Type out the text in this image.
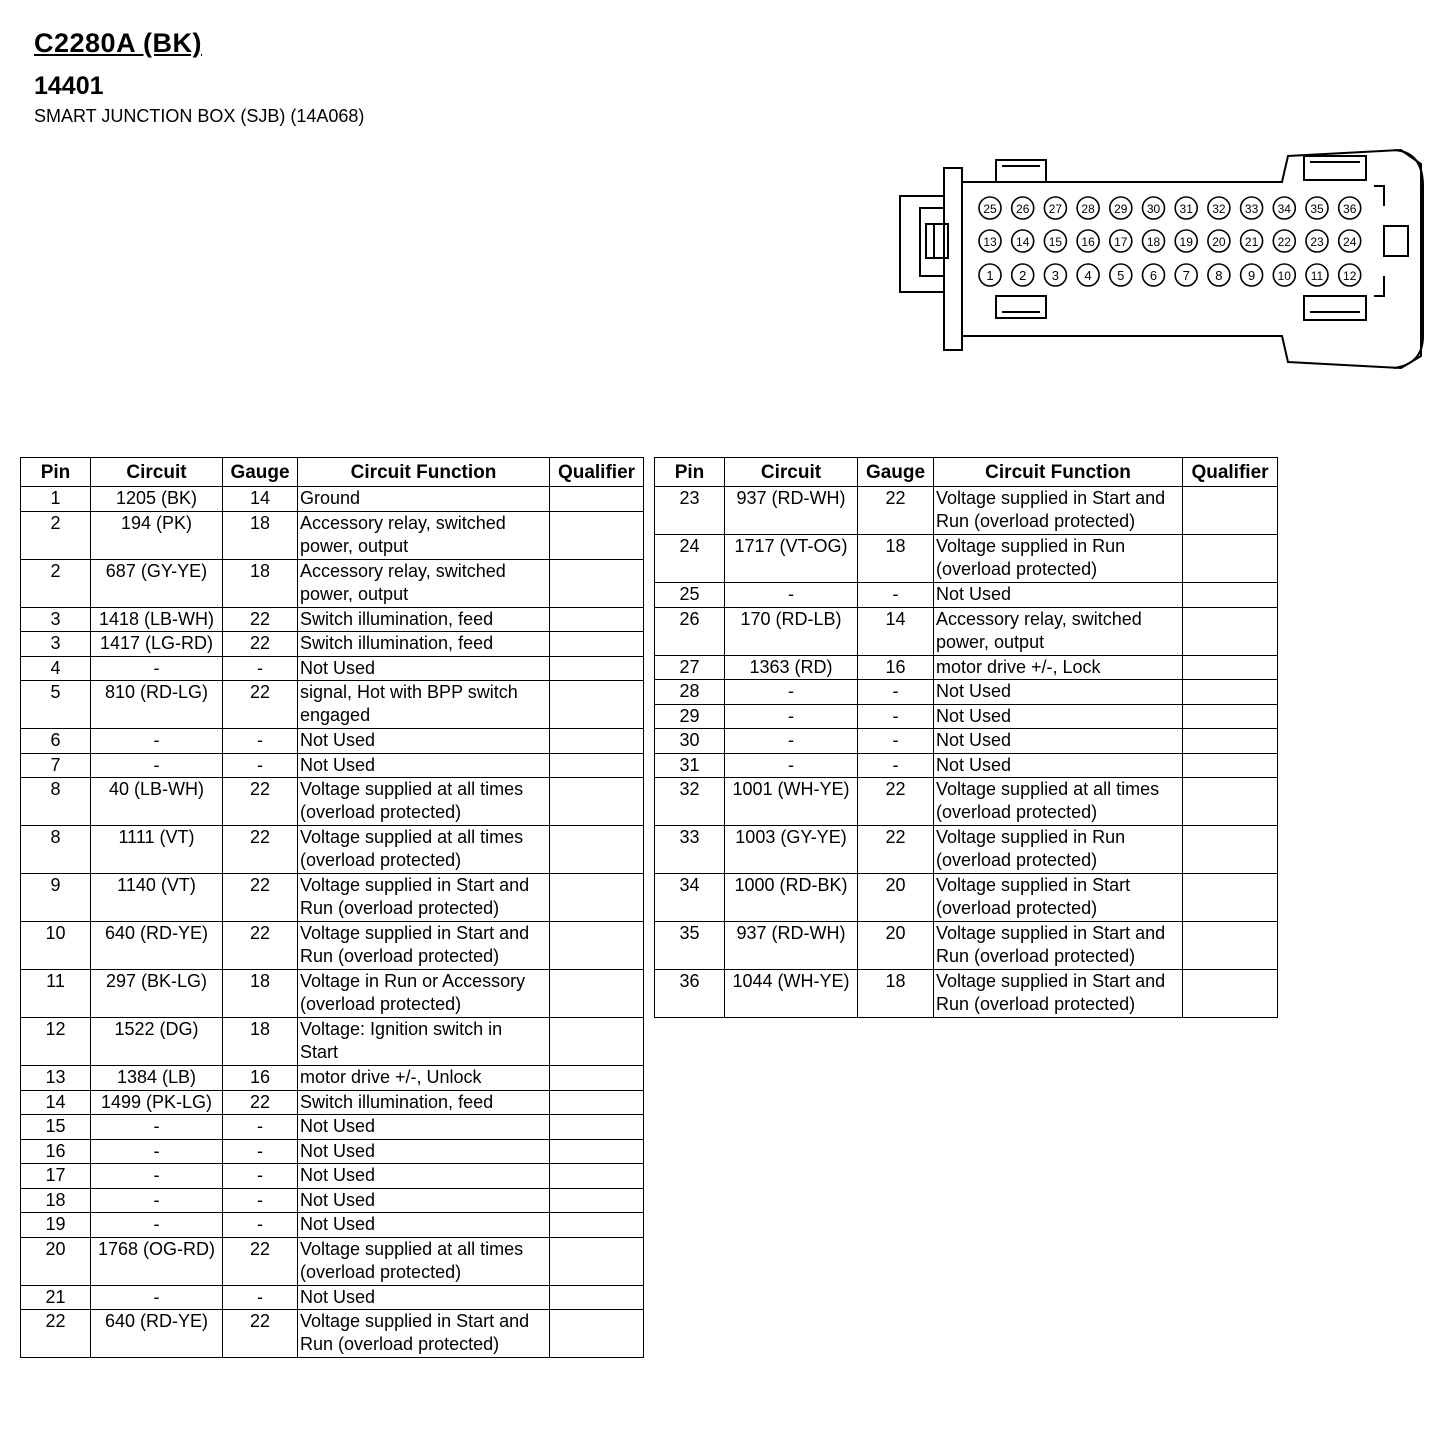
C2280A (BK)
14401
SMART JUNCTION BOX (SJB) (14A068)
25 26 27 28 29 30 31 32 33 34 35 36
13 14 15 16 17 18 19 20 21 22 23 24
1 2 3 4 5 6 7 8 9 10 11 12
Pin	Circuit	Gauge	Circuit Function	Qualifier
1	1205 (BK)	14	Ground	

2	194 (PK)	18	Accessory relay, switched
power, output	

2	687 (GY-YE)	18	Accessory relay, switched
power, output	

3	1418 (LB-WH)	22	Switch illumination, feed	

3	1417 (LG-RD)	22	Switch illumination, feed	

4	-	-	Not Used	

5	810 (RD-LG)	22	signal, Hot with BPP switch
engaged	

6	-	-	Not Used	

7	-	-	Not Used	

8	40 (LB-WH)	22	Voltage supplied at all times
(overload protected)	

8	1111 (VT)	22	Voltage supplied at all times
(overload protected)	

9	1140 (VT)	22	Voltage supplied in Start and
Run (overload protected)	

10	640 (RD-YE)	22	Voltage supplied in Start and
Run (overload protected)	

11	297 (BK-LG)	18	Voltage in Run or Accessory
(overload protected)	

12	1522 (DG)	18	Voltage: Ignition switch in
Start	

13	1384 (LB)	16	motor drive +/-, Unlock	

14	1499 (PK-LG)	22	Switch illumination, feed	

15	-	-	Not Used	

16	-	-	Not Used	

17	-	-	Not Used	

18	-	-	Not Used	

19	-	-	Not Used	

20	1768 (OG-RD)	22	Voltage supplied at all times
(overload protected)	

21	-	-	Not Used	

22	640 (RD-YE)	22	Voltage supplied in Start and
Run (overload protected)	

Pin	Circuit	Gauge	Circuit Function	Qualifier
23	937 (RD-WH)	22	Voltage supplied in Start and
Run (overload protected)	

24	1717 (VT-OG)	18	Voltage supplied in Run
(overload protected)	

25	-	-	Not Used	

26	170 (RD-LB)	14	Accessory relay, switched
power, output	

27	1363 (RD)	16	motor drive +/-, Lock	

28	-	-	Not Used	

29	-	-	Not Used	

30	-	-	Not Used	

31	-	-	Not Used	

32	1001 (WH-YE)	22	Voltage supplied at all times
(overload protected)	

33	1003 (GY-YE)	22	Voltage supplied in Run
(overload protected)	

34	1000 (RD-BK)	20	Voltage supplied in Start
(overload protected)	

35	937 (RD-WH)	20	Voltage supplied in Start and
Run (overload protected)	

36	1044 (WH-YE)	18	Voltage supplied in Start and
Run (overload protected)	
